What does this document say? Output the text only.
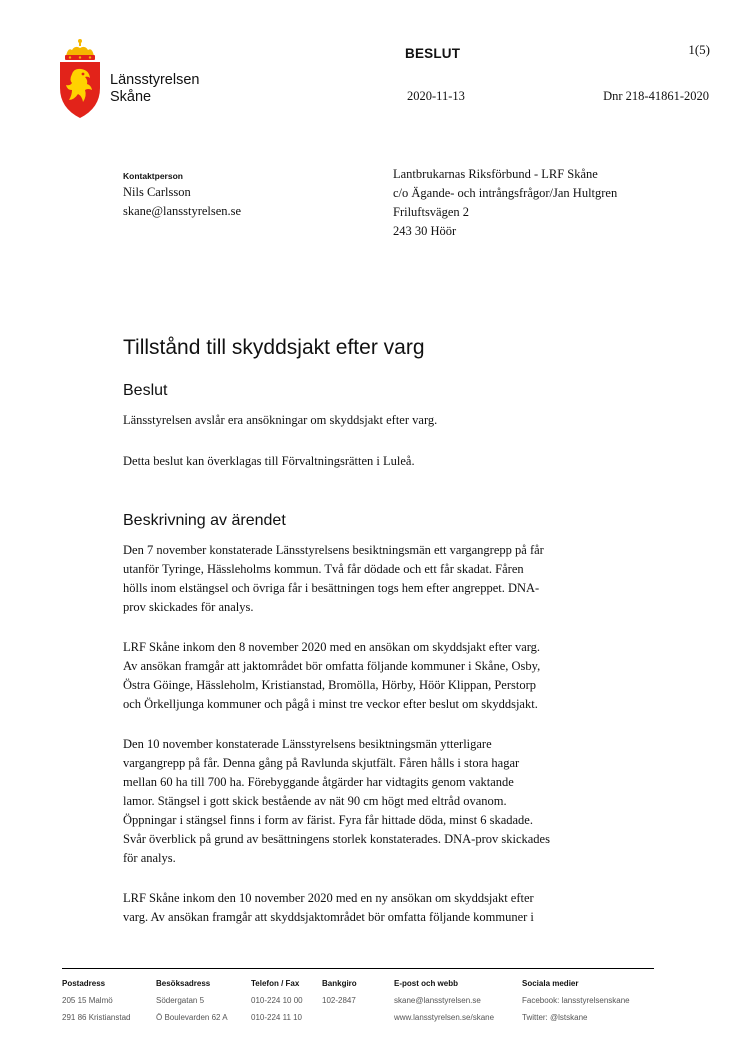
Länsstyrelsen
Skåne
BESLUT	1(5)
2020-11-13	Dnr 218-41861-2020
Kontaktperson
Nils Carlsson
skane@lansstyrelsen.se
Lantbrukarnas Riksförbund - LRF Skåne
c/o Ägande- och intrångsfrågor/Jan Hultgren
Friluftsvägen 2
243 30 Höör
Tillstånd till skyddsjakt efter varg
Beslut

Länsstyrelsen avslår era ansökningar om skyddsjakt efter varg.

Detta beslut kan överklagas till Förvaltningsrätten i Luleå.

Beskrivning av ärendet

Den 7 november konstaterade Länsstyrelsens besiktningsmän ett vargangrepp på får
utanför Tyringe, Hässleholms kommun. Två får dödade och ett får skadat. Fåren
hölls inom elstängsel och övriga får i besättningen togs hem efter angreppet. DNA-
prov skickades för analys.

LRF Skåne inkom den 8 november 2020 med en ansökan om skyddsjakt efter varg.
Av ansökan framgår att jaktområdet bör omfatta följande kommuner i Skåne, Osby,
Östra Göinge, Hässleholm, Kristianstad, Bromölla, Hörby, Höör Klippan, Perstorp
och Örkelljunga kommuner och pågå i minst tre veckor efter beslut om skyddsjakt.

Den 10 november konstaterade Länsstyrelsens besiktningsmän ytterligare
vargangrepp på får. Denna gång på Ravlunda skjutfält. Fåren hålls i stora hagar
mellan 60 ha till 700 ha. Förebyggande åtgärder har vidtagits genom vaktande
lamor. Stängsel i gott skick bestående av nät 90 cm högt med eltråd ovanom.
Öppningar i stängsel finns i form av färist. Fyra får hittade döda, minst 6 skadade.
Svår överblick på grund av besättningens storlek konstaterades. DNA-prov skickades
för analys.

LRF Skåne inkom den 10 november 2020 med en ny ansökan om skyddsjakt efter
varg. Av ansökan framgår att skyddsjaktområdet bör omfatta följande kommuner i

Postadress
205 15 Malmö
291 86 Kristianstad
Besöksadress
Södergatan 5
Ö Boulevarden 62 A
Telefon / Fax
010-224 10 00
010-224 11 10
Bankgiro
102-2847
E-post och webb
skane@lansstyrelsen.se
www.lansstyrelsen.se/skane
Sociala medier
Facebook: lansstyrelsenskane
Twitter: @lstskane
